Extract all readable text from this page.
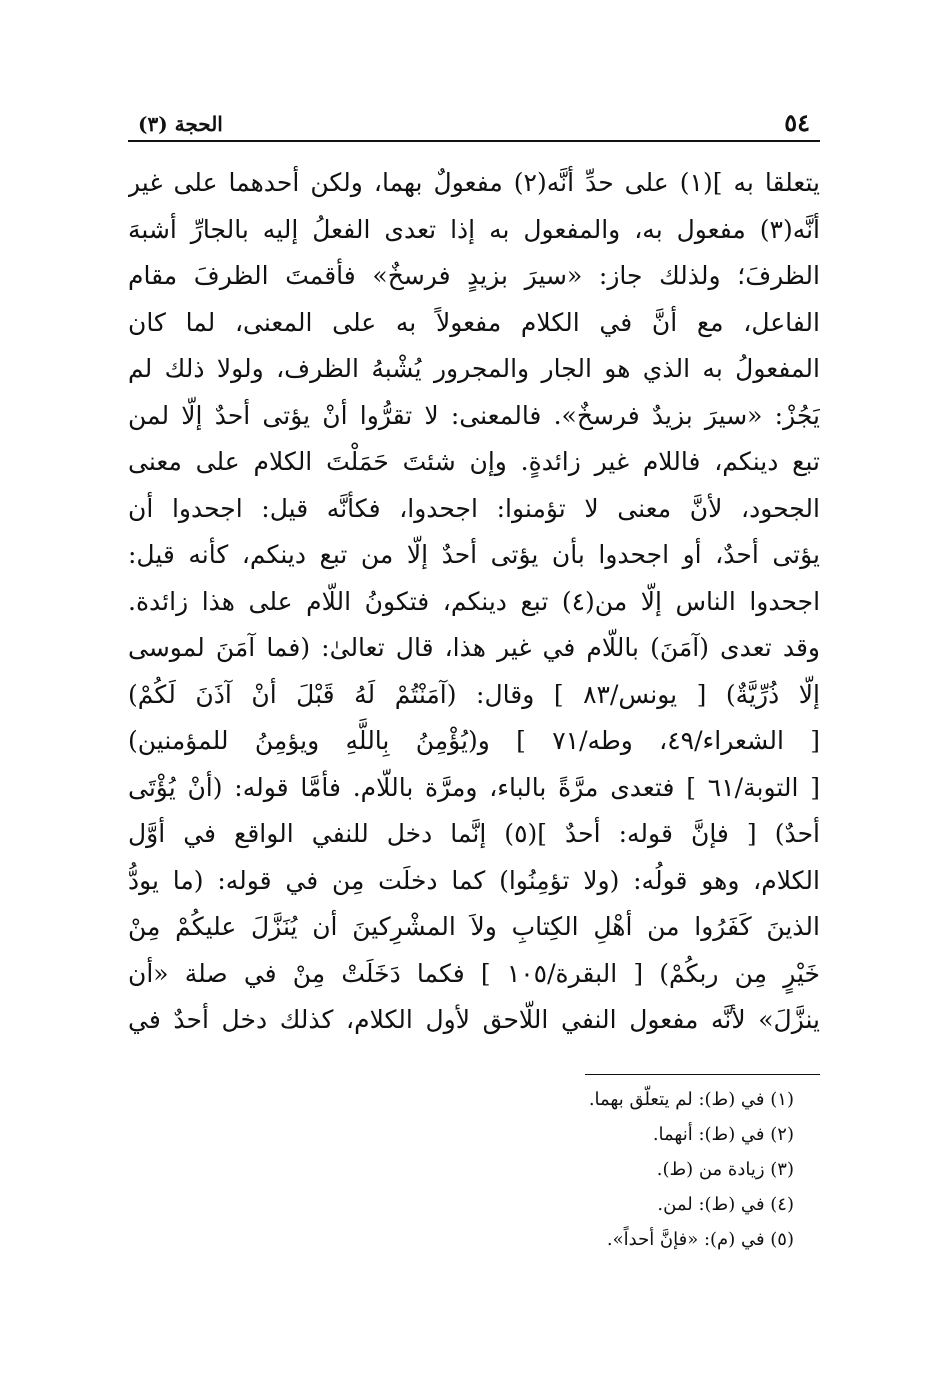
٥٤
الحجة (٣)
يتعلقا به ](١) على حدِّ أنَّه(٢) مفعولٌ بهما، ولكن أحدهما على غير
أنَّه(٣) مفعول به، والمفعول به إذا تعدى الفعلُ إليه بالجارِّ أشبهَ
الظرفَ؛ ولذلك جاز: «سيرَ بزيدٍ فرسخٌ» فأقمتَ الظرفَ مقام
الفاعل، مع أنَّ في الكلام مفعولاً به على المعنى، لما كان
المفعولُ به الذي هو الجار والمجرور يُشْبهُ الظرف، ولولا ذلك لم
يَجُزْ: «سيرَ بزيدٌ فرسخٌ». فالمعنى: لا تقرُّوا أنْ يؤتى أحدٌ إلّا لمن
تبع دينكم، فاللام غير زائدةٍ. وإن شئتَ حَمَلْتَ الكلام على معنى
الجحود، لأنَّ معنى لا تؤمنوا: اجحدوا، فكأنَّه قيل: اجحدوا أن
يؤتى أحدٌ، أو اجحدوا بأن يؤتى أحدٌ إلّا من تبع دينكم، كأنه قيل:
اجحدوا الناس إلّا من(٤) تبع دينكم، فتكونُ اللّام على هذا زائدة.
وقد تعدى (آمَنَ) باللّام في غير هذا، قال تعالىٰ: (فما آمَنَ لموسى
إلّا ذُرِّيَّةٌ) [ يونس/٨٣ ] وقال: (آمَنْتُمْ لَهُ قَبْلَ أنْ آذَنَ لَكُمْ)
[ الشعراء/٤٩، وطه/٧١ ] و(يُؤْمِنُ بِاللَّهِ ويؤمِنُ للمؤمنين)
[ التوبة/٦١ ] فتعدى مرَّةً بالباء، ومرَّة باللّام. فأمَّا قوله: (أنْ يُؤْتَى
أحدٌ) [ فإنَّ قوله: أحدٌ ](٥) إنَّما دخل للنفي الواقع في أوَّل
الكلام، وهو قولُه: (ولا تؤمِنُوا) كما دخلَت مِن في قوله: (ما يودُّ
الذينَ كَفَرُوا من أهْلِ الكِتابِ ولاَ المشْرِكينَ أن يُنَزَّلَ عليكُمْ مِنْ
خَيْرٍ مِن ربكُمْ) [ البقرة/١٠٥ ] فكما دَخَلَتْ مِنْ في صلة «أن
ينزَّلَ» لأنَّه مفعول النفي اللّاحق لأول الكلام، كذلك دخل أحدٌ في
(١) في (ط): لم يتعلّق بهما.
(٢) في (ط): أنهما.
(٣) زيادة من (ط).
(٤) في (ط): لمن.
(٥) في (م): «فإنَّ أحداً».
